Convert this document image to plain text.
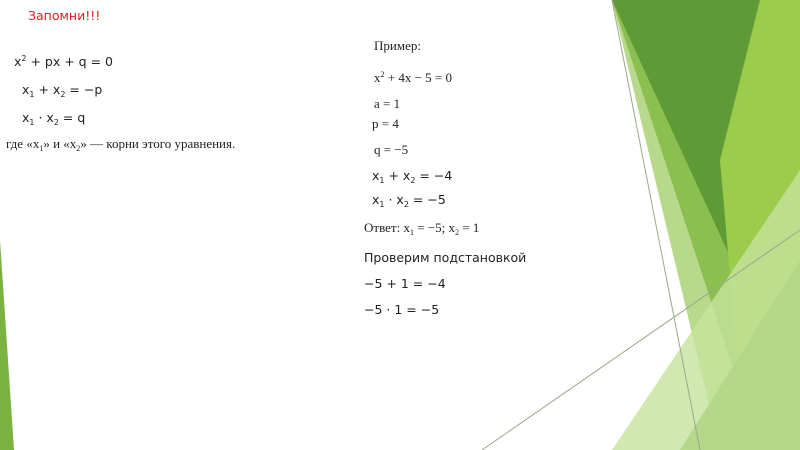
Запомни!!!
$x^2$ + px + q = 0
$x_1 + x_2 = -p$
$x_1 \cdot x_2 = q$
где «$x_1$» и «$x_2$» — корни этого уравнения.
Пример:
$x^2 + 4x - 5 = 0$
a = 1
p = 4
q = −5
$x_1 + x_2 = -4$
$x_1 \cdot x_2 = -5$
Ответ: $x_1 = -5$; $x_2 = 1$
Проверим подстановкой
−5 + 1 = −4
−5 · 1 = −5
